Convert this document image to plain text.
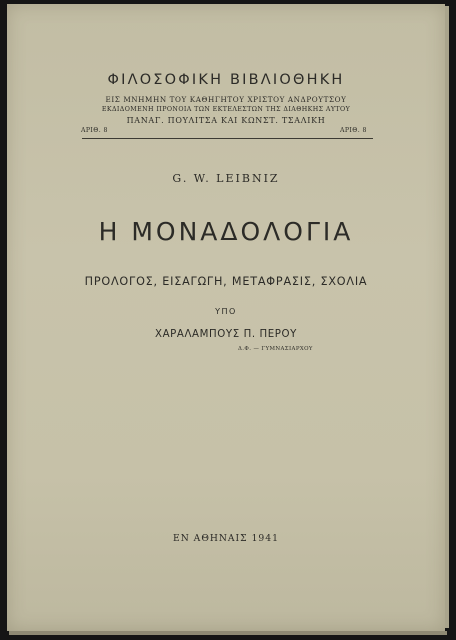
ΦΙΛΟΣΟΦΙΚΗ ΒΙΒΛΙΟΘΗΚΗ
ΕΙΣ ΜΝΗΜΗΝ ΤΟΥ ΚΑΘΗΓΗΤΟΥ ΧΡΙΣΤΟΥ ΑΝΔΡΟΥΤΣΟΥ
ΕΚΔΙΔΟΜΕΝΗ ΠΡΟΝΟΙΑ ΤΩΝ ΕΚΤΕΛΕΣΤΩΝ ΤΗΣ ΔΙΑΘΗΚΗΣ ΑΥΤΟΥ
ΠΑΝΑΓ. ΠΟΥΛΙΤΣΑ ΚΑΙ ΚΩΝΣΤ. ΤΣΑΛΙΚΗ
ΑΡΙΘ. 8	ΑΡΙΘ. 8
G. W. LEIBNIZ
Η ΜΟΝΑΔΟΛΟΓΙΑ
ΠΡΟΛΟΓΟΣ, ΕΙΣΑΓΩΓΗ, ΜΕΤΑΦΡΑΣΙΣ, ΣΧΟΛΙΑ
ΥΠΟ
ΧΑΡΑΛΑΜΠΟΥΣ Π. ΠΕΡΟΥ
Δ.Φ. — ΓΥΜΝΑΣΙΑΡΧΟΥ
ΕΝ ΑΘΗΝΑΙΣ 1941
